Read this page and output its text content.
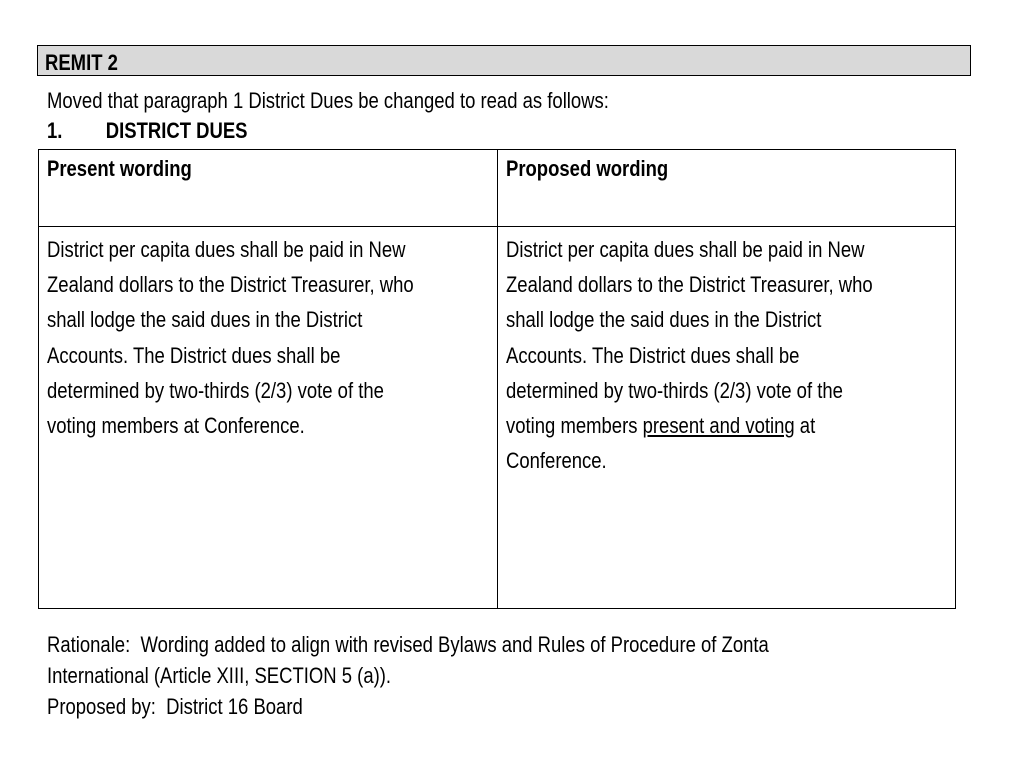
REMIT 2
Moved that paragraph 1 District Dues be changed to read as follows:
1. DISTRICT DUES
Present wording	Proposed wording
District per capita dues shall be paid in New
Zealand dollars to the District Treasurer, who
shall lodge the said dues in the District
Accounts. The District dues shall be
determined by two-thirds (2/3) vote of the
voting members at Conference.
District per capita dues shall be paid in New
Zealand dollars to the District Treasurer, who
shall lodge the said dues in the District
Accounts. The District dues shall be
determined by two-thirds (2/3) vote of the
voting members present and voting at
Conference.
Rationale:  Wording added to align with revised Bylaws and Rules of Procedure of Zonta
International (Article XIII, SECTION 5 (a)).
Proposed by:  District 16 Board
